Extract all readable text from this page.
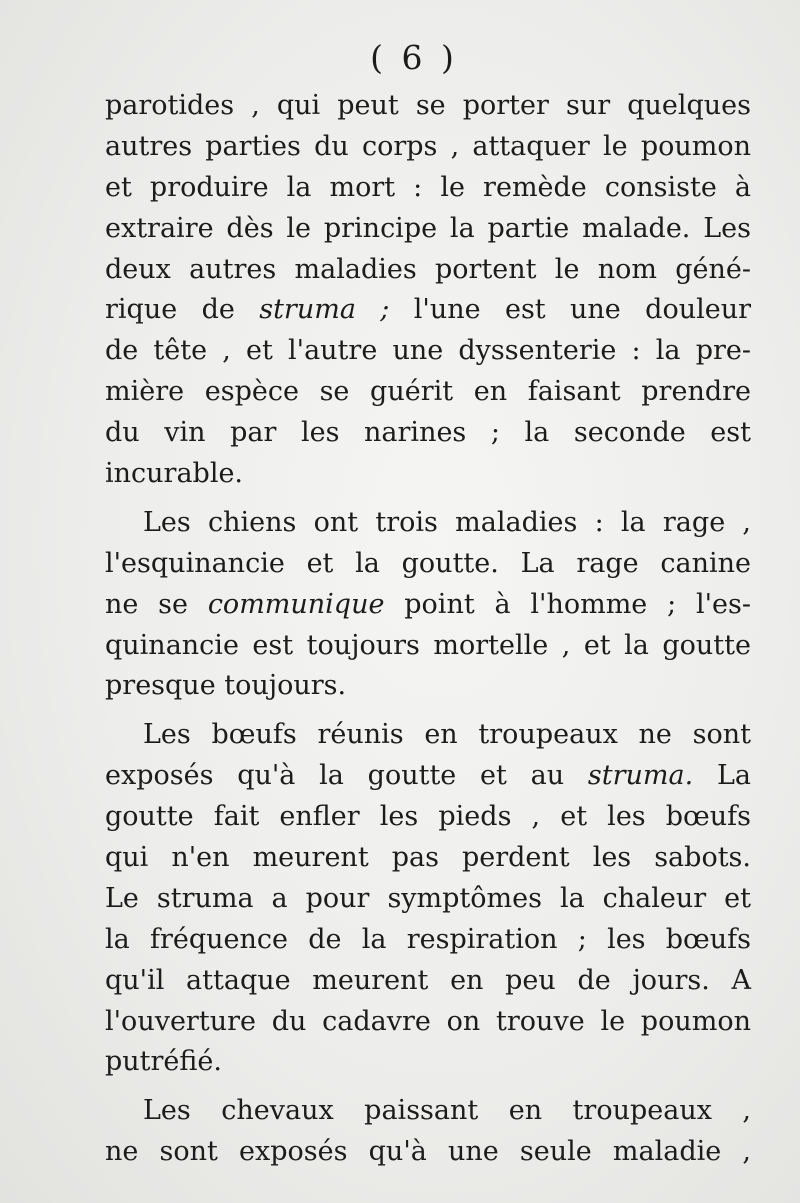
( 6 )
parotides , qui peut se porter sur quelques
autres parties du corps , attaquer le poumon
et produire la mort : le remède consiste à
extraire dès le principe la partie malade. Les
deux autres maladies portent le nom géné-
rique de struma ; l'une est une douleur
de tête , et l'autre une dyssenterie : la pre-
mière espèce se guérit en faisant prendre
du vin par les narines ; la seconde est
incurable.
Les chiens ont trois maladies : la rage ,
l'esquinancie et la goutte. La rage canine
ne se communique point à l'homme ; l'es-
quinancie est toujours mortelle , et la goutte
presque toujours.
Les bœufs réunis en troupeaux ne sont
exposés qu'à la goutte et au struma. La
goutte fait enfler les pieds , et les bœufs
qui n'en meurent pas perdent les sabots.
Le struma a pour symptômes la chaleur et
la fréquence de la respiration ; les bœufs
qu'il attaque meurent en peu de jours. A
l'ouverture du cadavre on trouve le poumon
putréfié.
Les chevaux paissant en troupeaux ,
ne sont exposés qu'à une seule maladie ,
